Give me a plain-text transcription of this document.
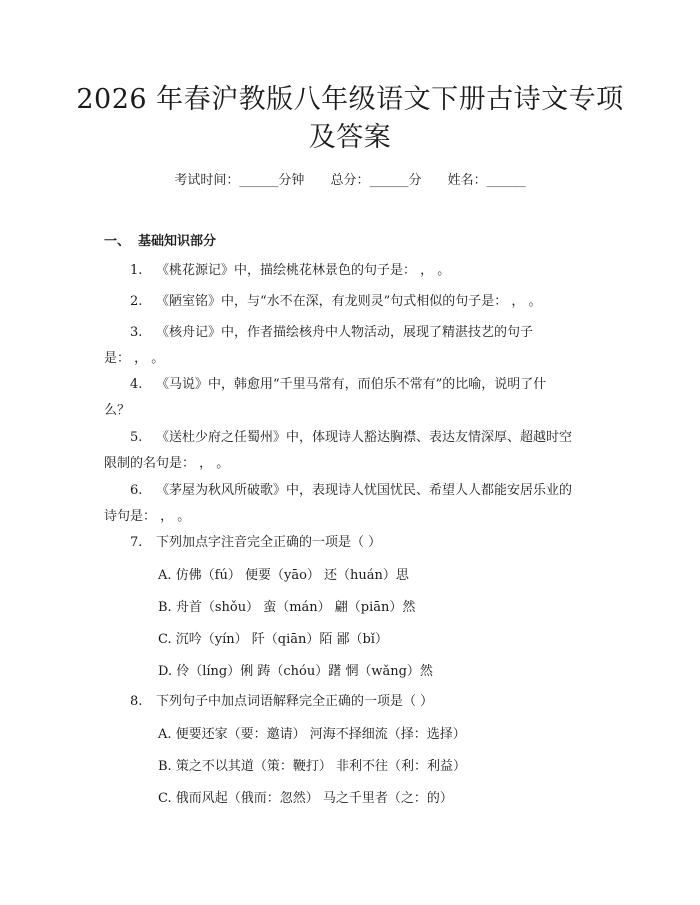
2026 年春沪教版八年级语文下册古诗文专项
及答案
考试时间：______分钟 总分：______分 姓名：______
一、 基础知识部分
1. 《桃花源记》中，描绘桃花林景色的句子是： ， 。
2. 《陋室铭》中，与“水不在深，有龙则灵”句式相似的句子是： ， 。
3. 《核舟记》中，作者描绘核舟中人物活动，展现了精湛技艺的句子
是： ， 。
4. 《马说》中，韩愈用“千里马常有，而伯乐不常有”的比喻，说明了什
么？
5. 《送杜少府之任蜀州》中，体现诗人豁达胸襟、表达友情深厚、超越时空
限制的名句是： ， 。
6. 《茅屋为秋风所破歌》中，表现诗人忧国忧民、希望人人都能安居乐业的
诗句是： ， 。
7. 下列加点字注音完全正确的一项是（ ）
A. 仿佛（fú） 便要（yāo） 还（huán）思
B. 舟首（shǒu） 蛮（mán） 翩（piān）然
C. 沉吟（yín） 阡（qiān）陌 鄙（bǐ）
D. 伶（líng）俐 踌（chóu）躇 惘（wǎng）然
8. 下列句子中加点词语解释完全正确的一项是（ ）
A. 便要还家（要：邀请） 河海不择细流（择：选择）
B. 策之不以其道（策：鞭打） 非利不往（利：利益）
C. 俄而风起（俄而：忽然） 马之千里者（之：的）
